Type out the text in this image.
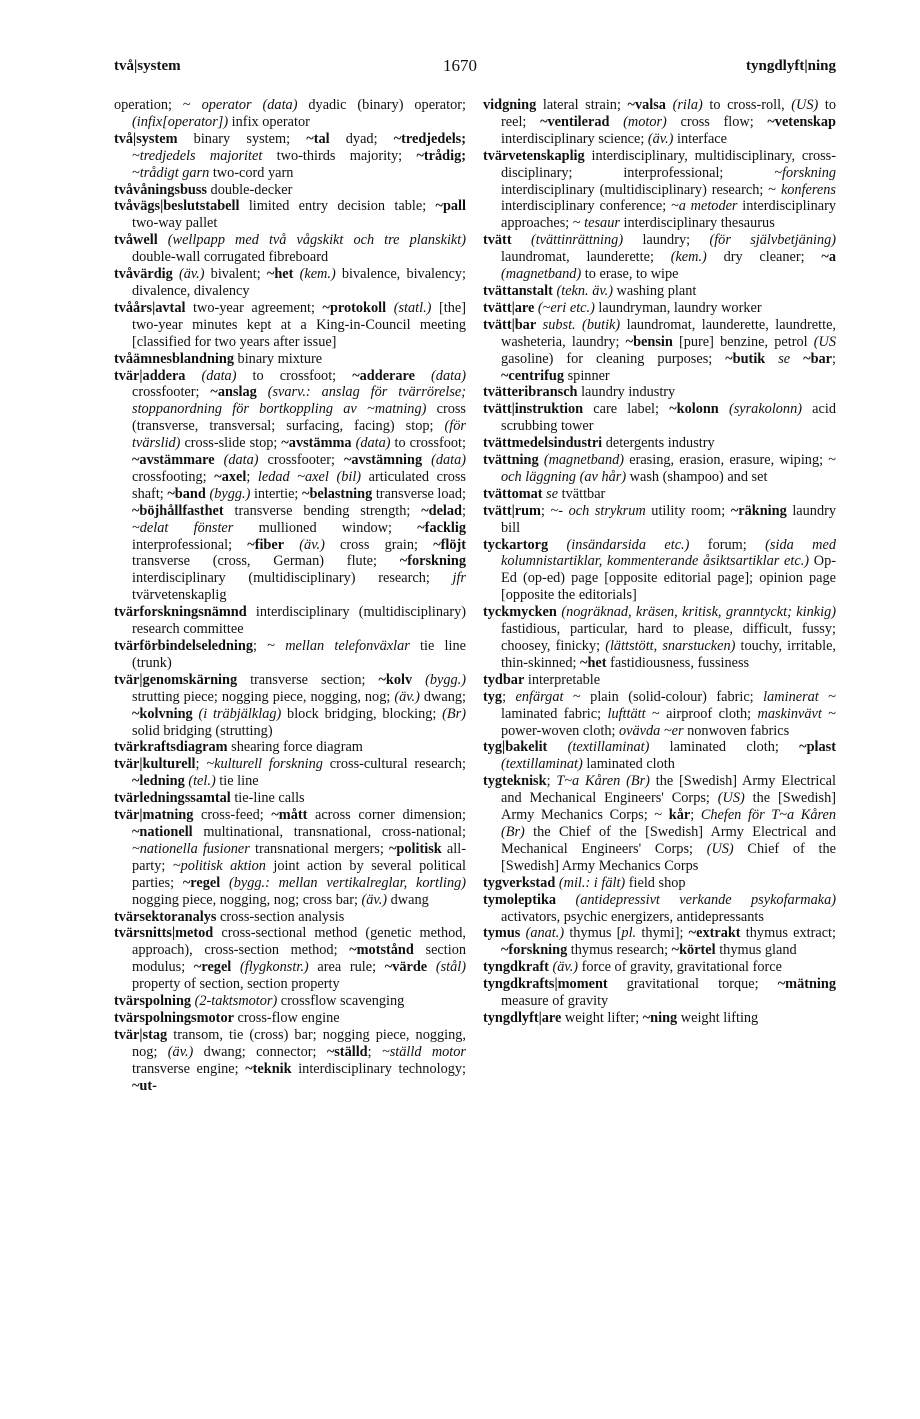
två|system	1670	tyngdlyft|ning

operation; ~ operator (data) dyadic (binary) operator; (infix[operator]) infix operator

två|system binary system; ~tal dyad; ~tredjedels; ~tredjedels majoritet two-thirds majority; ~trådig; ~trådigt garn two-cord yarn

tvåvåningsbuss double-decker

tvåvägs|beslutstabell limited entry decision table; ~pall two-way pallet

tvåwell (wellpapp med två vågskikt och tre planskikt) double-wall corrugated fibreboard

tvåvärdig (äv.) bivalent; ~het (kem.) bivalence, bivalency; divalence, divalency

tvåårs|avtal two-year agreement; ~protokoll (statl.) [the] two-year minutes kept at a King-in-Council meeting [classified for two years after issue]

tvåämnesblandning binary mixture

tvär|addera (data) to crossfoot; ~adderare (data) crossfooter; ~anslag (svarv.: anslag för tvärrörelse; stoppanordning för bortkoppling av ~matning) cross (transverse, transversal; surfacing, facing) stop; (för tvärslid) cross-slide stop; ~avstämma (data) to crossfoot; ~avstämmare (data) crossfooter; ~avstämning (data) crossfooting; ~axel; ledad ~axel (bil) articulated cross shaft; ~band (bygg.) intertie; ~belastning transverse load; ~böjhållfasthet transverse bending strength; ~delad; ~delat fönster mullioned window; ~facklig interprofessional; ~fiber (äv.) cross grain; ~flöjt transverse (cross, German) flute; ~forskning interdisciplinary (multidisciplinary) research; jfr tvärvetenskaplig

tvärforskningsnämnd interdisciplinary (multidisciplinary) research committee

tvärförbindelseledning; ~ mellan telefonväxlar tie line (trunk)

tvär|genomskärning transverse section; ~kolv (bygg.) strutting piece; nogging piece, nogging, nog; (äv.) dwang; ~kolvning (i träbjälklag) block bridging, blocking; (Br) solid bridging (strutting)

tvärkraftsdiagram shearing force diagram

tvär|kulturell; ~kulturell forskning cross-cultural research; ~ledning (tel.) tie line

tvärledningssamtal tie-line calls

tvär|matning cross-feed; ~mått across corner dimension; ~nationell multinational, transnational, cross-national; ~nationella fusioner transnational mergers; ~politisk all-party; ~politisk aktion joint action by several political parties; ~regel (bygg.: mellan vertikalreglar, kortling) nogging piece, nogging, nog; cross bar; (äv.) dwang

tvärsektoranalys cross-section analysis

tvärsnitts|metod cross-sectional method (genetic method, approach), cross-section method; ~motstånd section modulus; ~regel (flygkonstr.) area rule; ~värde (stål) property of section, section property

tvärspolning (2-taktsmotor) crossflow scavenging

tvärspolningsmotor cross-flow engine

tvär|stag transom, tie (cross) bar; nogging piece, nogging, nog; (äv.) dwang; connector; ~ställd; ~ställd motor transverse engine; ~teknik interdisciplinary technology; ~ut-

vidgning lateral strain; ~valsa (rila) to cross-roll, (US) to reel; ~ventilerad (motor) cross flow; ~vetenskap interdisciplinary science; (äv.) interface

tvärvetenskaplig interdisciplinary, multidisciplinary, cross-disciplinary; interprofessional; ~forskning interdisciplinary (multidisciplinary) research; ~ konferens interdisciplinary conference; ~a metoder interdisciplinary approaches; ~ tesaur interdisciplinary thesaurus

tvätt (tvättinrättning) laundry; (för självbetjäning) laundromat, launderette; (kem.) dry cleaner; ~a (magnetband) to erase, to wipe

tvättanstalt (tekn. äv.) washing plant

tvätt|are (~eri etc.) laundryman, laundry worker

tvätt|bar subst. (butik) laundromat, launderette, laundrette, washeteria, laundry; ~bensin [pure] benzine, petrol (US gasoline) for cleaning purposes; ~butik se ~bar; ~centrifug spinner

tvätteribransch laundry industry

tvätt|instruktion care label; ~kolonn (syrakolonn) acid scrubbing tower

tvättmedelsindustri detergents industry

tvättning (magnetband) erasing, erasion, erasure, wiping; ~ och läggning (av hår) wash (shampoo) and set

tvättomat se tvättbar

tvätt|rum; ~- och strykrum utility room; ~räkning laundry bill

tyckartorg (insändarsida etc.) forum; (sida med kolumnistartiklar, kommenterande åsiktsartiklar etc.) Op-Ed (op-ed) page [opposite editorial page]; opinion page [opposite the editorials]

tyckmycken (nogräknad, kräsen, kritisk, granntyckt; kinkig) fastidious, particular, hard to please, difficult, fussy; choosey, finicky; (lättstött, snarstucken) touchy, irritable, thin-skinned; ~het fastidiousness, fussiness

tydbar interpretable

tyg; enfärgat ~ plain (solid-colour) fabric; laminerat ~ laminated fabric; lufttätt ~ airproof cloth; maskinvävt ~ power-woven cloth; ovävda ~er nonwoven fabrics

tyg|bakelit (textillaminat) laminated cloth; ~plast (textillaminat) laminated cloth

tygteknisk; T~a Kåren (Br) the [Swedish] Army Electrical and Mechanical Engineers' Corps; (US) the [Swedish] Army Mechanics Corps; ~ kår; Chefen för T~a Kåren (Br) the Chief of the [Swedish] Army Electrical and Mechanical Engineers' Corps; (US) Chief of the [Swedish] Army Mechanics Corps

tygverkstad (mil.: i fält) field shop

tymoleptika (antidepressivt verkande psykofarmaka) activators, psychic energizers, antidepressants

tymus (anat.) thymus [pl. thymi]; ~extrakt thymus extract; ~forskning thymus research; ~körtel thymus gland

tyngdkraft (äv.) force of gravity, gravitational force

tyngdkrafts|moment gravitational torque; ~mätning measure of gravity

tyngdlyft|are weight lifter; ~ning weight lifting
